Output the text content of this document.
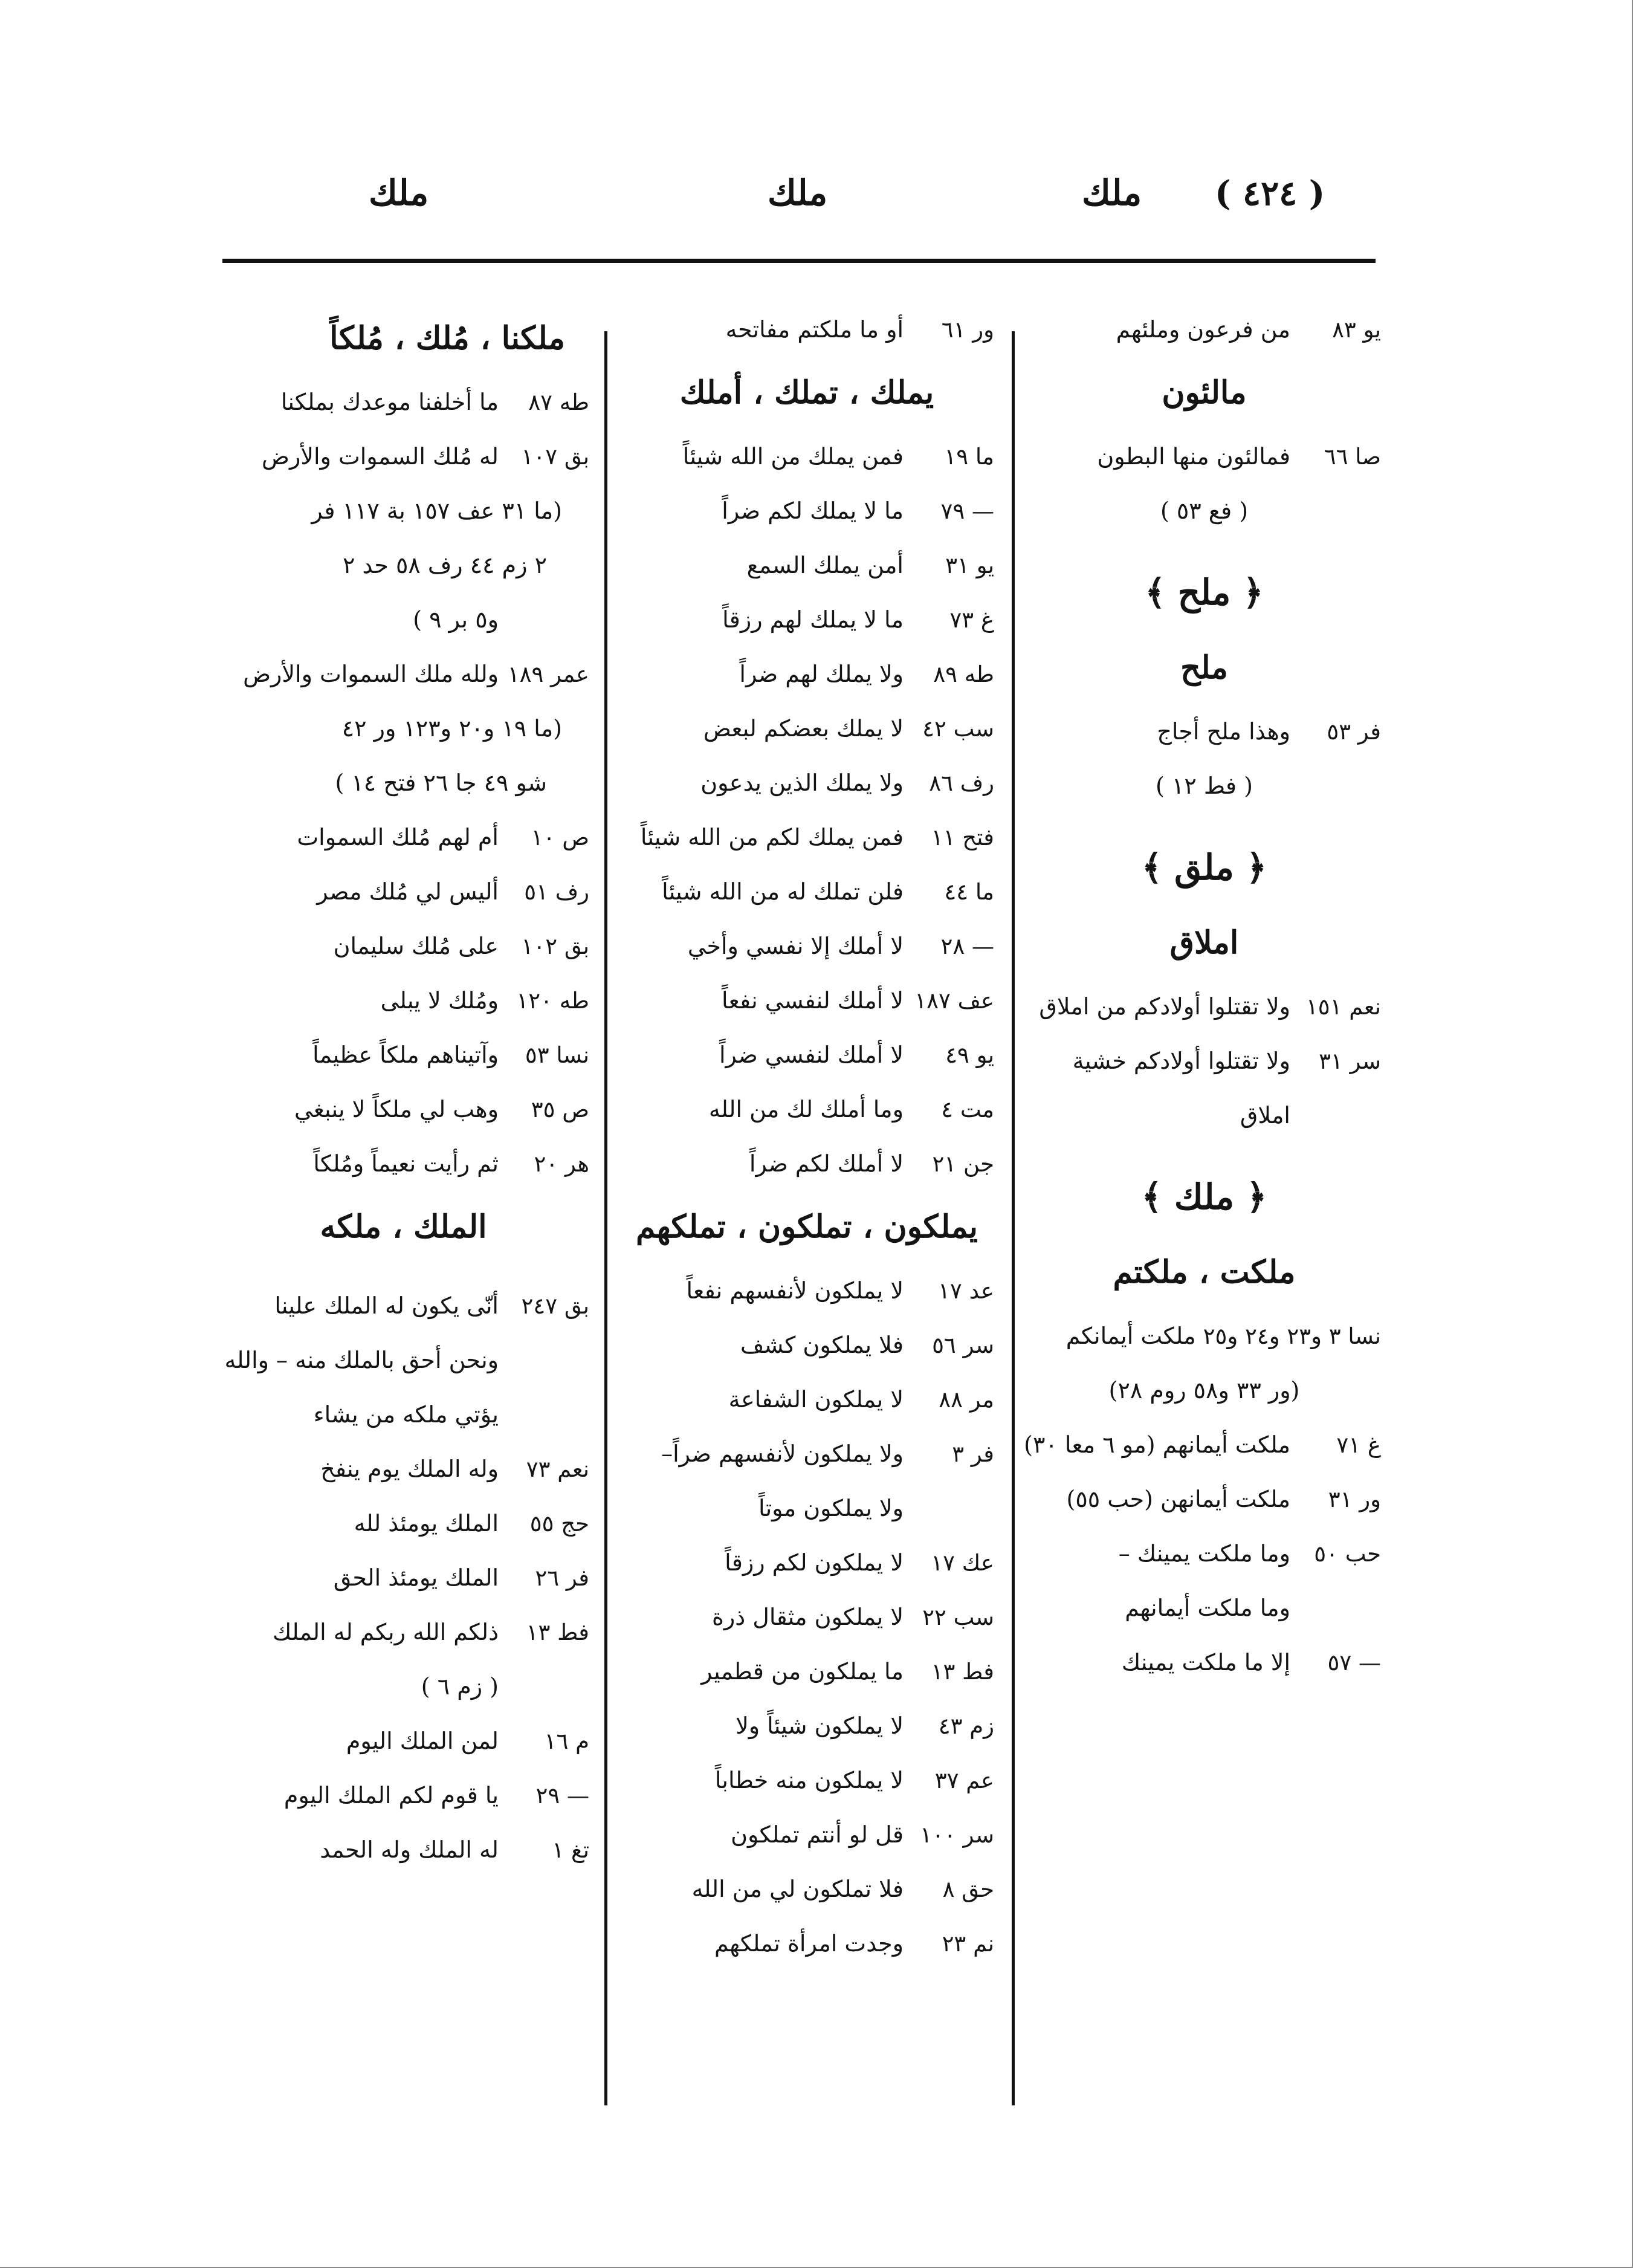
ملك	ملك	ملك ( ٤٢٤ )
يو ٨٣من فرعون وملئهم
مالئون
صا ٦٦فمالئون منها البطون
( فع ٥٣ )
﴿ ملح ﴾
ملح
فر ٥٣وهذا ملح أجاج
( فط ١٢ )
﴿ ملق ﴾
املاق
نعم ١٥١ولا تقتلوا أولادكم من املاق
سر ٣١ولا تقتلوا أولادكم خشية
املاق
﴿ ملك ﴾
ملكت ، ملكتم
نسا ٣ و٢٣ و٢٤ و٢٥ملكت أيمانكم
(ور ٣٣ و٥٨ روم ٢٨)
غ ٧١ملكت أيمانهم (مو ٦ معا ٣٠)
ور ٣١ملكت أيمانهن (حب ٥٥)
حب ٥٠وما ملكت يمينك –
وما ملكت أيمانهم
— ٥٧إلا ما ملكت يمينك
ور ٦١أو ما ملكتم مفاتحه
يملك ، تملك ، أملك
ما ١٩فمن يملك من الله شيئاً
— ٧٩ما لا يملك لكم ضراً
يو ٣١أمن يملك السمع
غ ٧٣ما لا يملك لهم رزقاً
طه ٨٩ولا يملك لهم ضراً
سب ٤٢لا يملك بعضكم لبعض
رف ٨٦ولا يملك الذين يدعون
فتح ١١فمن يملك لكم من الله شيئاً
ما ٤٤فلن تملك له من الله شيئاً
— ٢٨لا أملك إلا نفسي وأخي
عف ١٨٧لا أملك لنفسي نفعاً
يو ٤٩لا أملك لنفسي ضراً
مت ٤وما أملك لك من الله
جن ٢١لا أملك لكم ضراً
يملكون ، تملكون ، تملكهم
عد ١٧لا يملكون لأنفسهم نفعاً
سر ٥٦فلا يملكون كشف
مر ٨٨لا يملكون الشفاعة
فر ٣ولا يملكون لأنفسهم ضراً–
ولا يملكون موتاً
عك ١٧لا يملكون لكم رزقاً
سب ٢٢لا يملكون مثقال ذرة
فط ١٣ما يملكون من قطمير
زم ٤٣لا يملكون شيئاً ولا
عم ٣٧لا يملكون منه خطاباً
سر ١٠٠قل لو أنتم تملكون
حق ٨فلا تملكون لي من الله
نم ٢٣وجدت امرأة تملكهم
ملكنا ، مُلك ، مُلكاً
طه ٨٧ما أخلفنا موعدك بملكنا
بق ١٠٧له مُلك السموات والأرض
(ما ٣١ عف ١٥٧ بة ١١٧ فر
٢ زم ٤٤ رف ٥٨ حد ٢
و٥ بر ٩ )
عمر ١٨٩ولله ملك السموات والأرض
(ما ١٩ و٢٠ و١٢٣ ور ٤٢
شو ٤٩ جا ٢٦ فتح ١٤ )
ص ١٠أم لهم مُلك السموات
رف ٥١أليس لي مُلك مصر
بق ١٠٢على مُلك سليمان
طه ١٢٠ومُلك لا يبلى
نسا ٥٣وآتيناهم ملكاً عظيماً
ص ٣٥وهب لي ملكاً لا ينبغي
هر ٢٠ثم رأيت نعيماً ومُلكاً
الملك ، ملكه
بق ٢٤٧أنّى يكون له الملك علينا
ونحن أحق بالملك منه – والله
يؤتي ملكه من يشاء
نعم ٧٣وله الملك يوم ينفخ
حج ٥٥الملك يومئذ لله
فر ٢٦الملك يومئذ الحق
فط ١٣ذلكم الله ربكم له الملك
( زم ٦ )
م ١٦لمن الملك اليوم
— ٢٩يا قوم لكم الملك اليوم
تغ ١له الملك وله الحمد
